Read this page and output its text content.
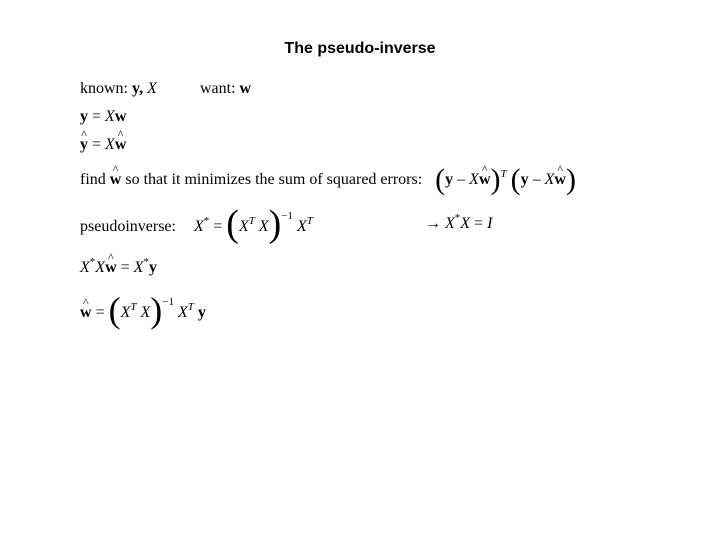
The pseudo-inverse
known: y, X	want: w
y = Xw
y ^ = Xw ^
find w ^ so that it minimizes the sum of squared errors: (y – Xw ^)$^T$ (y – Xw ^)
pseudoinverse: $X^* = (X^T$ X)$^{-1}$ $X^T$	→ X*X = I
X*Xw ^ = X*y
w ^ = ($X^T$ X)$^{-1}$ $X^T$ y
